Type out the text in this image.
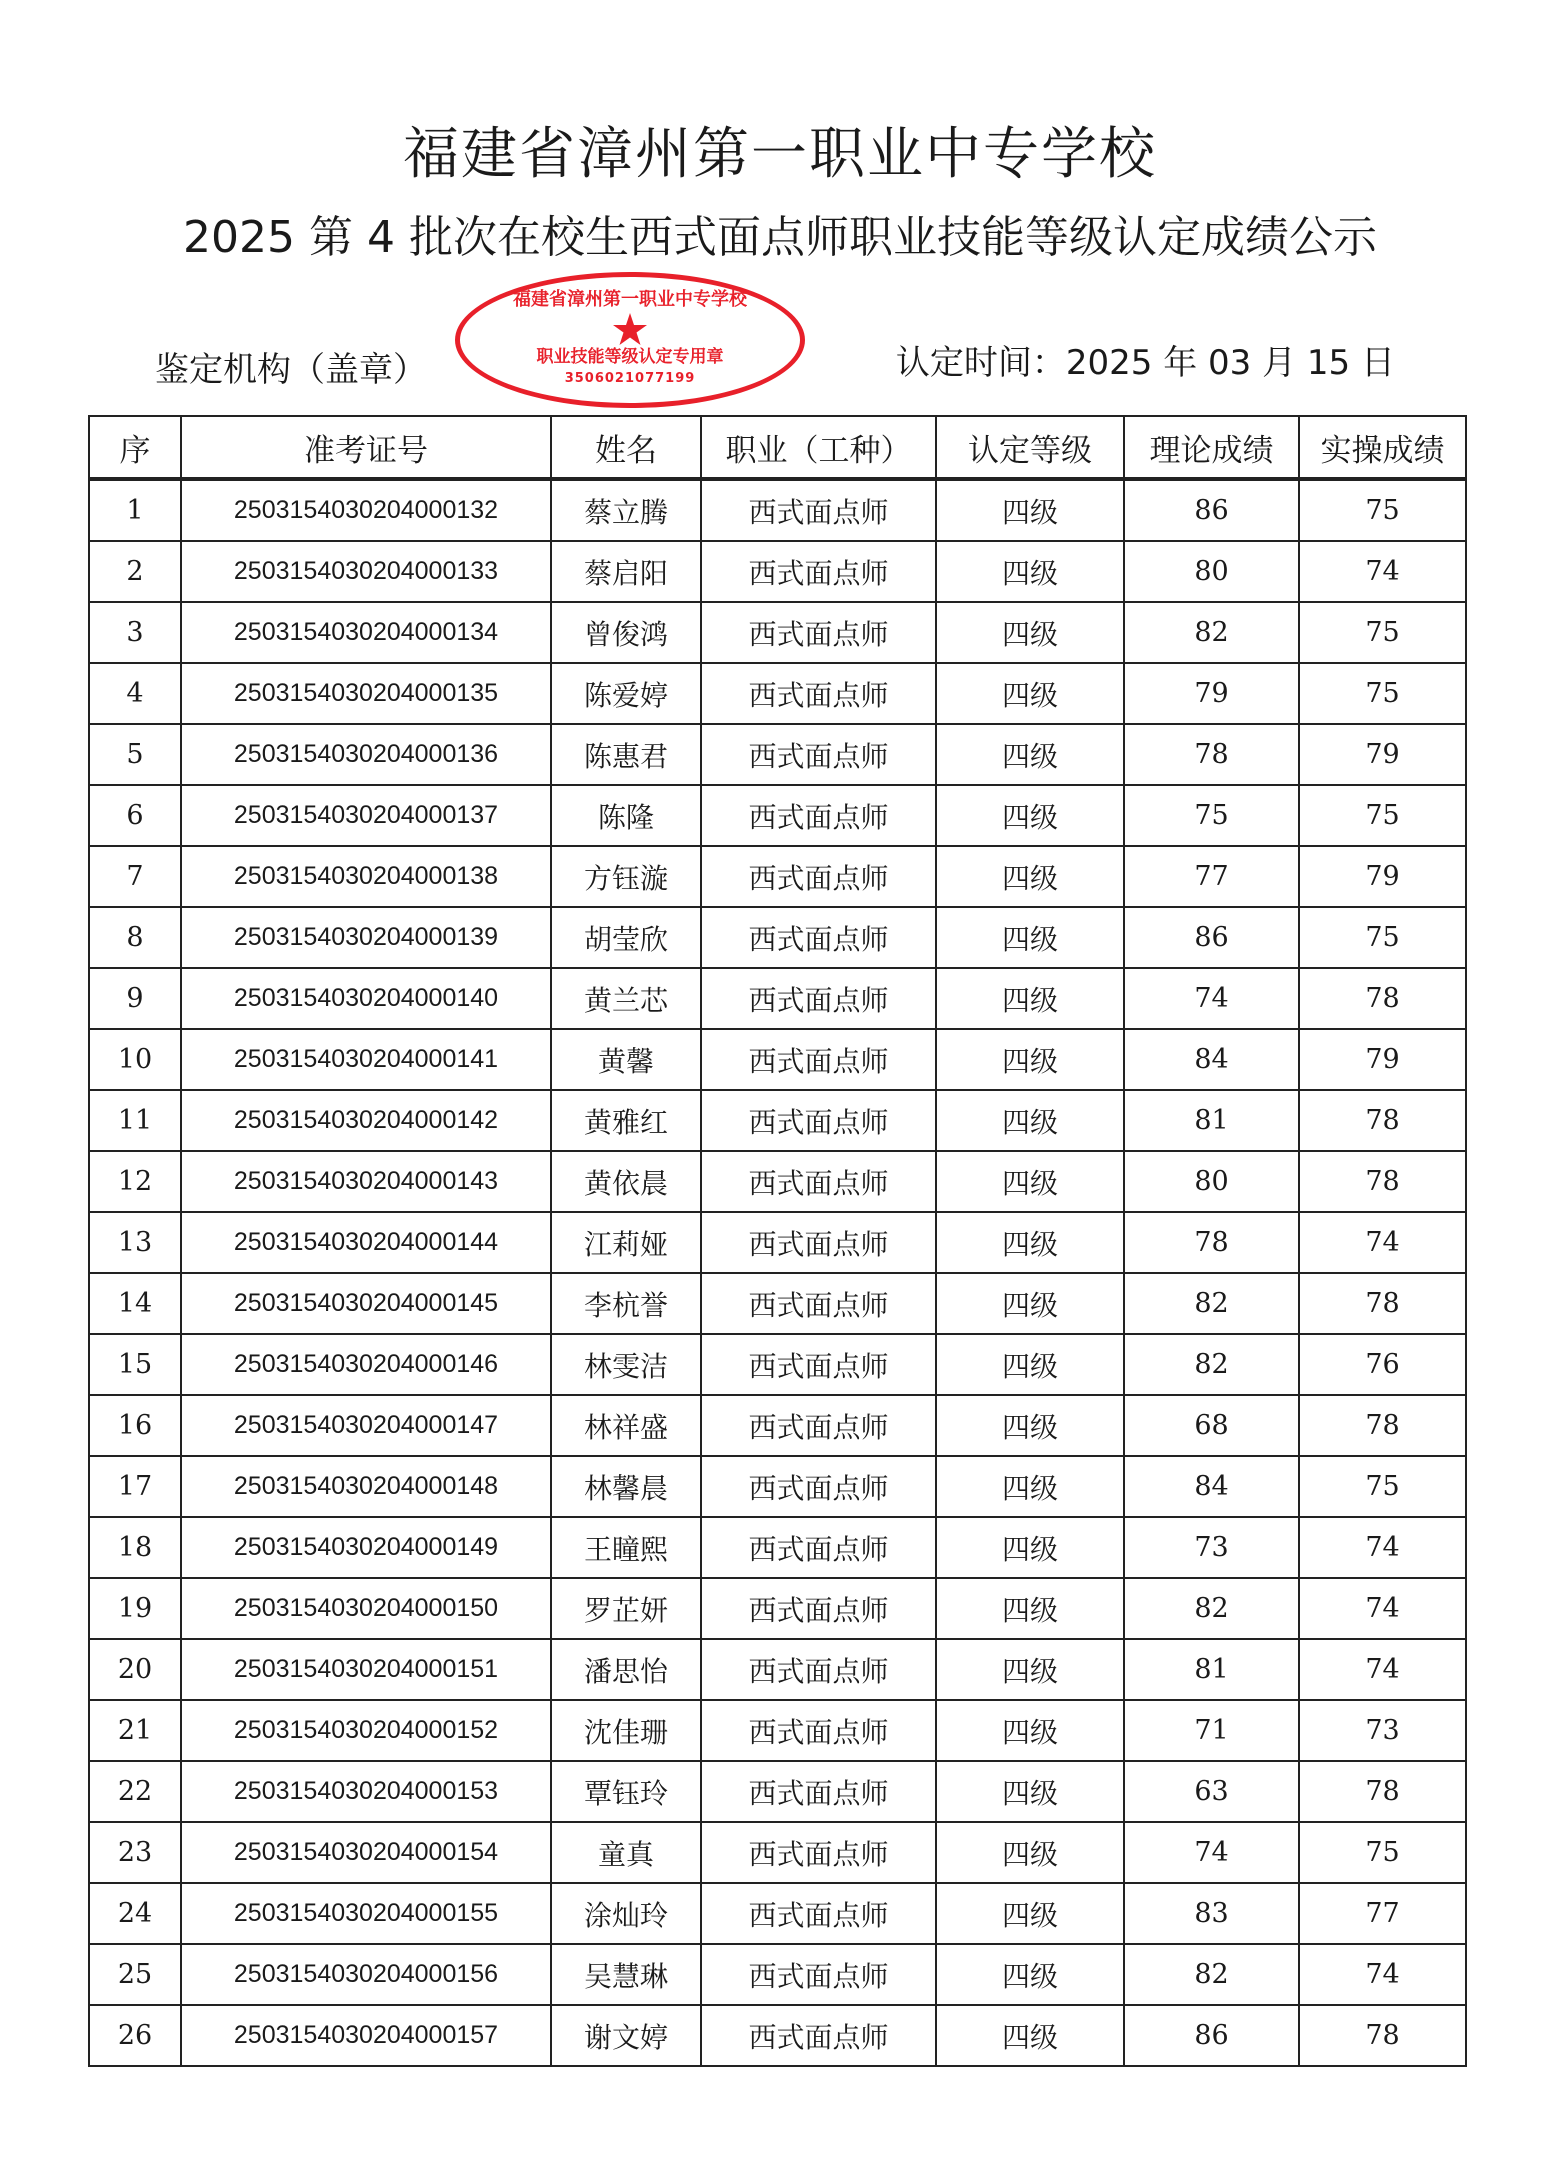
福建省漳州第一职业中专学校
2025 第 4 批次在校生西式面点师职业技能等级认定成绩公示
鉴定机构（盖章）	认定时间：2025 年 03 月 15 日
福建省漳州第一职业中专学校
职业技能等级认定专用章
3506021077199
序	准考证号	姓名	职业（工种）	认定等级	理论成绩	实操成绩
1	2503154030204000132	蔡立腾	西式面点师	四级	86	75
2	2503154030204000133	蔡启阳	西式面点师	四级	80	74
3	2503154030204000134	曾俊鸿	西式面点师	四级	82	75
4	2503154030204000135	陈爱婷	西式面点师	四级	79	75
5	2503154030204000136	陈惠君	西式面点师	四级	78	79
6	2503154030204000137	陈隆	西式面点师	四级	75	75
7	2503154030204000138	方钰漩	西式面点师	四级	77	79
8	2503154030204000139	胡莹欣	西式面点师	四级	86	75
9	2503154030204000140	黄兰芯	西式面点师	四级	74	78
10	2503154030204000141	黄馨	西式面点师	四级	84	79
11	2503154030204000142	黄雅红	西式面点师	四级	81	78
12	2503154030204000143	黄依晨	西式面点师	四级	80	78
13	2503154030204000144	江莉娅	西式面点师	四级	78	74
14	2503154030204000145	李杭誉	西式面点师	四级	82	78
15	2503154030204000146	林雯洁	西式面点师	四级	82	76
16	2503154030204000147	林祥盛	西式面点师	四级	68	78
17	2503154030204000148	林馨晨	西式面点师	四级	84	75
18	2503154030204000149	王瞳熙	西式面点师	四级	73	74
19	2503154030204000150	罗芷妍	西式面点师	四级	82	74
20	2503154030204000151	潘思怡	西式面点师	四级	81	74
21	2503154030204000152	沈佳珊	西式面点师	四级	71	73
22	2503154030204000153	覃钰玲	西式面点师	四级	63	78
23	2503154030204000154	童真	西式面点师	四级	74	75
24	2503154030204000155	涂灿玲	西式面点师	四级	83	77
25	2503154030204000156	吴慧琳	西式面点师	四级	82	74
26	2503154030204000157	谢文婷	西式面点师	四级	86	78
